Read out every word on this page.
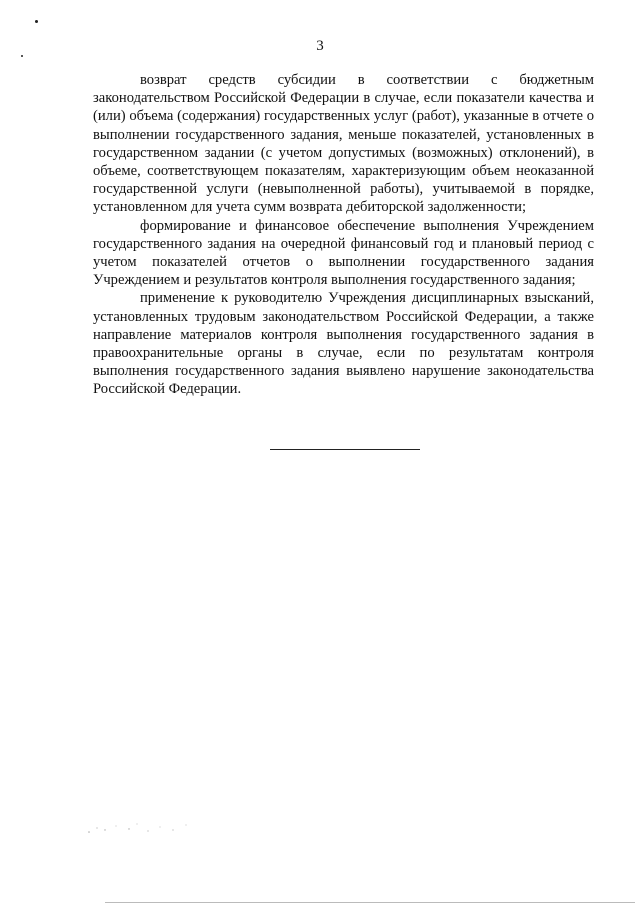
3

возврат средств субсидии в соответствии с бюджетным законодательством Российской Федерации в случае, если показатели качества и (или) объема (содержания) государственных услуг (работ), указанные в отчете о выполнении государственного задания, меньше показателей, установленных в государственном задании (с учетом допустимых (возможных) отклонений), в объеме, соответствующем показателям, характеризующим объем неоказанной государственной услуги (невыполненной работы), учитываемой в порядке, установленном для учета сумм возврата дебиторской задолженности;

формирование и финансовое обеспечение выполнения Учреждением государственного задания на очередной финансовый год и плановый период с учетом показателей отчетов о выполнении государственного задания Учреждением и результатов контроля выполнения государственного задания;

применение к руководителю Учреждения дисциплинарных взысканий, установленных трудовым законодательством Российской Федерации, а также направление материалов контроля выполнения государственного задания в правоохранительные органы в случае, если по результатам контроля выполнения государственного задания выявлено нарушение законодательства Российской Федерации.
